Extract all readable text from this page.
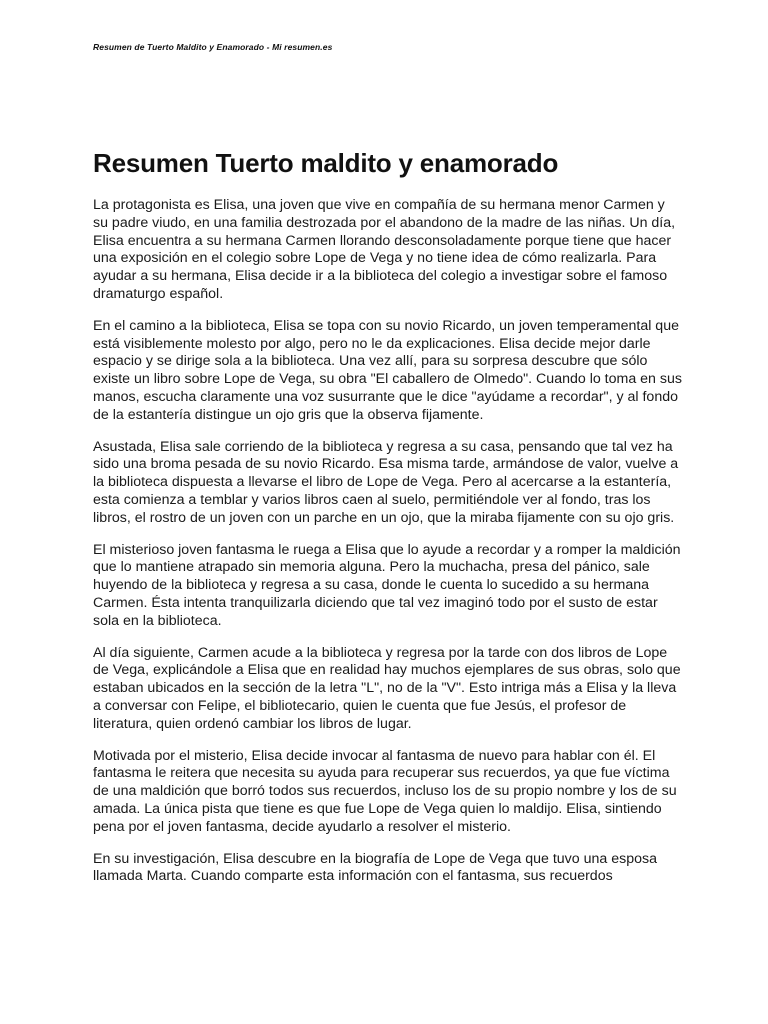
Resumen de Tuerto Maldito y Enamorado - Mi resumen.es
Resumen Tuerto maldito y enamorado

La protagonista es Elisa, una joven que vive en compañía de su hermana menor Carmen y su padre viudo, en una familia destrozada por el abandono de la madre de las niñas. Un día, Elisa encuentra a su hermana Carmen llorando desconsoladamente porque tiene que hacer una exposición en el colegio sobre Lope de Vega y no tiene idea de cómo realizarla. Para ayudar a su hermana, Elisa decide ir a la biblioteca del colegio a investigar sobre el famoso dramaturgo español.

En el camino a la biblioteca, Elisa se topa con su novio Ricardo, un joven temperamental que está visiblemente molesto por algo, pero no le da explicaciones. Elisa decide mejor darle espacio y se dirige sola a la biblioteca. Una vez allí, para su sorpresa descubre que sólo existe un libro sobre Lope de Vega, su obra "El caballero de Olmedo". Cuando lo toma en sus manos, escucha claramente una voz susurrante que le dice "ayúdame a recordar", y al fondo de la estantería distingue un ojo gris que la observa fijamente.

Asustada, Elisa sale corriendo de la biblioteca y regresa a su casa, pensando que tal vez ha sido una broma pesada de su novio Ricardo. Esa misma tarde, armándose de valor, vuelve a la biblioteca dispuesta a llevarse el libro de Lope de Vega. Pero al acercarse a la estantería, esta comienza a temblar y varios libros caen al suelo, permitiéndole ver al fondo, tras los libros, el rostro de un joven con un parche en un ojo, que la miraba fijamente con su ojo gris.

El misterioso joven fantasma le ruega a Elisa que lo ayude a recordar y a romper la maldición que lo mantiene atrapado sin memoria alguna. Pero la muchacha, presa del pánico, sale huyendo de la biblioteca y regresa a su casa, donde le cuenta lo sucedido a su hermana Carmen. Ésta intenta tranquilizarla diciendo que tal vez imaginó todo por el susto de estar sola en la biblioteca.

Al día siguiente, Carmen acude a la biblioteca y regresa por la tarde con dos libros de Lope de Vega, explicándole a Elisa que en realidad hay muchos ejemplares de sus obras, solo que estaban ubicados en la sección de la letra "L", no de la "V". Esto intriga más a Elisa y la lleva a conversar con Felipe, el bibliotecario, quien le cuenta que fue Jesús, el profesor de literatura, quien ordenó cambiar los libros de lugar.

Motivada por el misterio, Elisa decide invocar al fantasma de nuevo para hablar con él. El fantasma le reitera que necesita su ayuda para recuperar sus recuerdos, ya que fue víctima de una maldición que borró todos sus recuerdos, incluso los de su propio nombre y los de su amada. La única pista que tiene es que fue Lope de Vega quien lo maldijo. Elisa, sintiendo pena por el joven fantasma, decide ayudarlo a resolver el misterio.

En su investigación, Elisa descubre en la biografía de Lope de Vega que tuvo una esposa llamada Marta. Cuando comparte esta información con el fantasma, sus recuerdos
